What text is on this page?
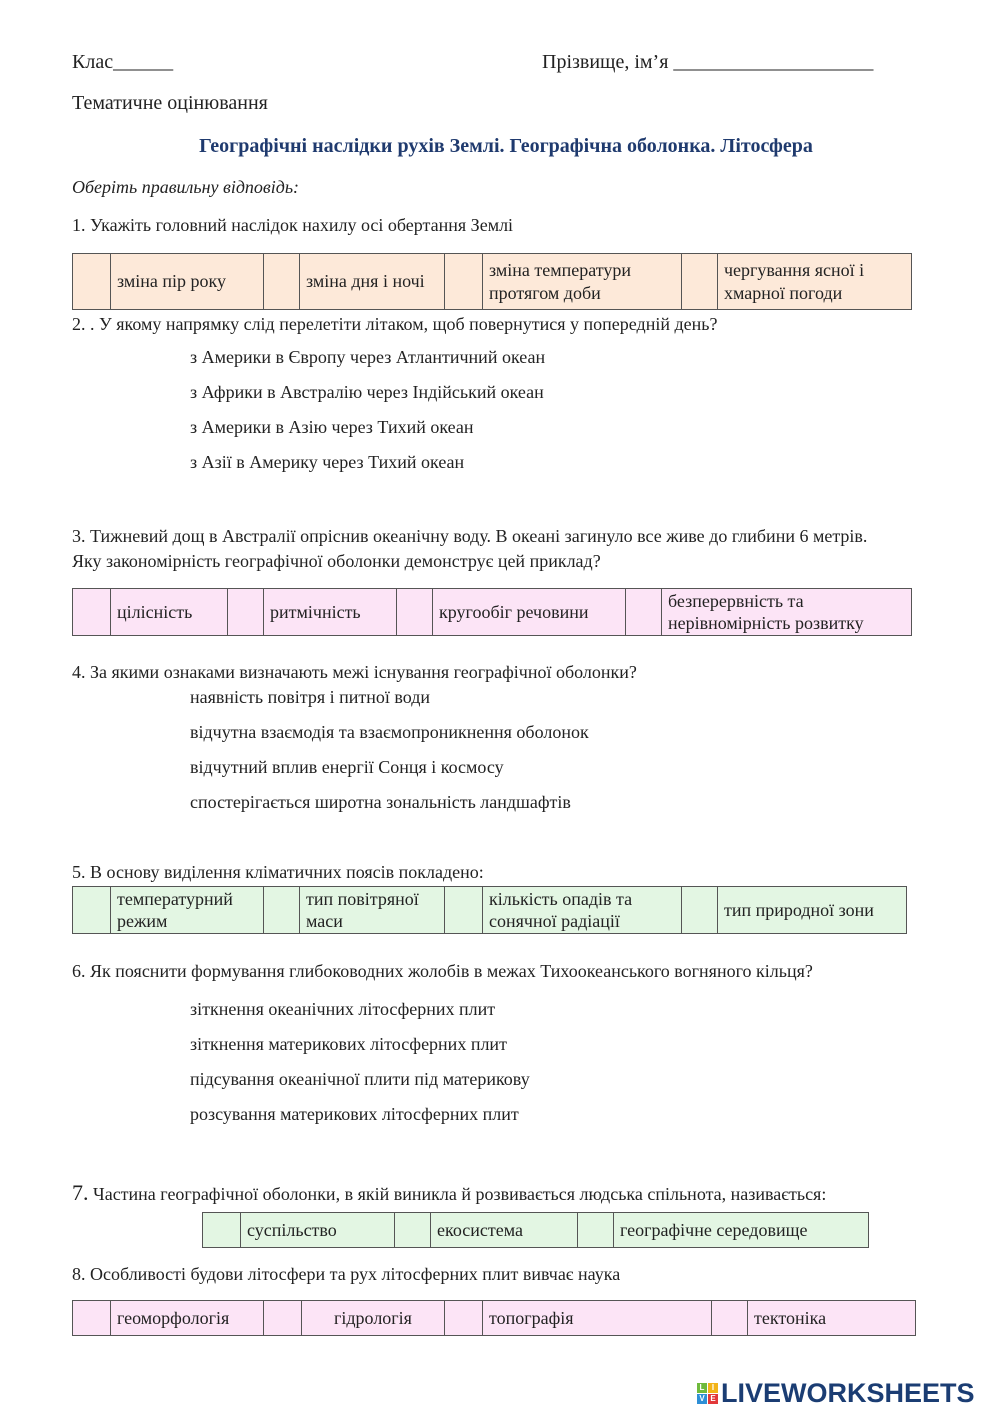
Клас______	Прізвище, ім’я ____________________
Тематичне оцінювання
Географічні наслідки рухів Землі. Географічна оболонка. Літосфера
Оберіть правильну відповідь:
1. Укажіть головний наслідок нахилу осі обертання Землі
	зміна пір року		зміна дня і ночі		зміна температури протягом доби		чергування ясної і хмарної погоди
2. . У якому напрямку слід перелетіти літаком, щоб повернутися у попередній день?
з Америки в Європу через Атлантичний океан
з Африки в Австралію через Індійський океан
з Америки в Азію через Тихий океан
з Азії в Америку через Тихий океан
3. Тижневий дощ в Австралії опріснив океанічну воду. В океані загинуло все живе до глибини 6 метрів.
Яку закономірність географічної оболонки демонструє цей приклад?
	цілісність		ритмічність		кругообіг речовини		безперервність та нерівномірність розвитку
4. За якими ознаками визначають межі існування географічної оболонки?
наявність повітря і питної води
відчутна взаємодія та взаємопроникнення оболонок
відчутний вплив енергії Сонця і космосу
спостерігається широтна зональність ландшафтів
5. В основу виділення кліматичних поясів покладено:
	температурний режим		тип повітряної маси		кількість опадів та сонячної радіації		тип природної зони
6. Як пояснити формування глибоководних жолобів в межах Тихоокеанського вогняного кільця?
зіткнення океанічних літосферних плит
зіткнення материкових літосферних плит
підсування океанічної плити під материкову
розсування материкових літосферних плит
7. Частина географічної оболонки, в якій виникла й розвивається людська спільнота, називається:
	суспільство		екосистема		географічне середовище
8. Особливості будови літосфери та рух літосферних плит вивчає наука
	геоморфологія		гідрологія		топографія		тектоніка
L I
V E LIVEWORKSHEETS
